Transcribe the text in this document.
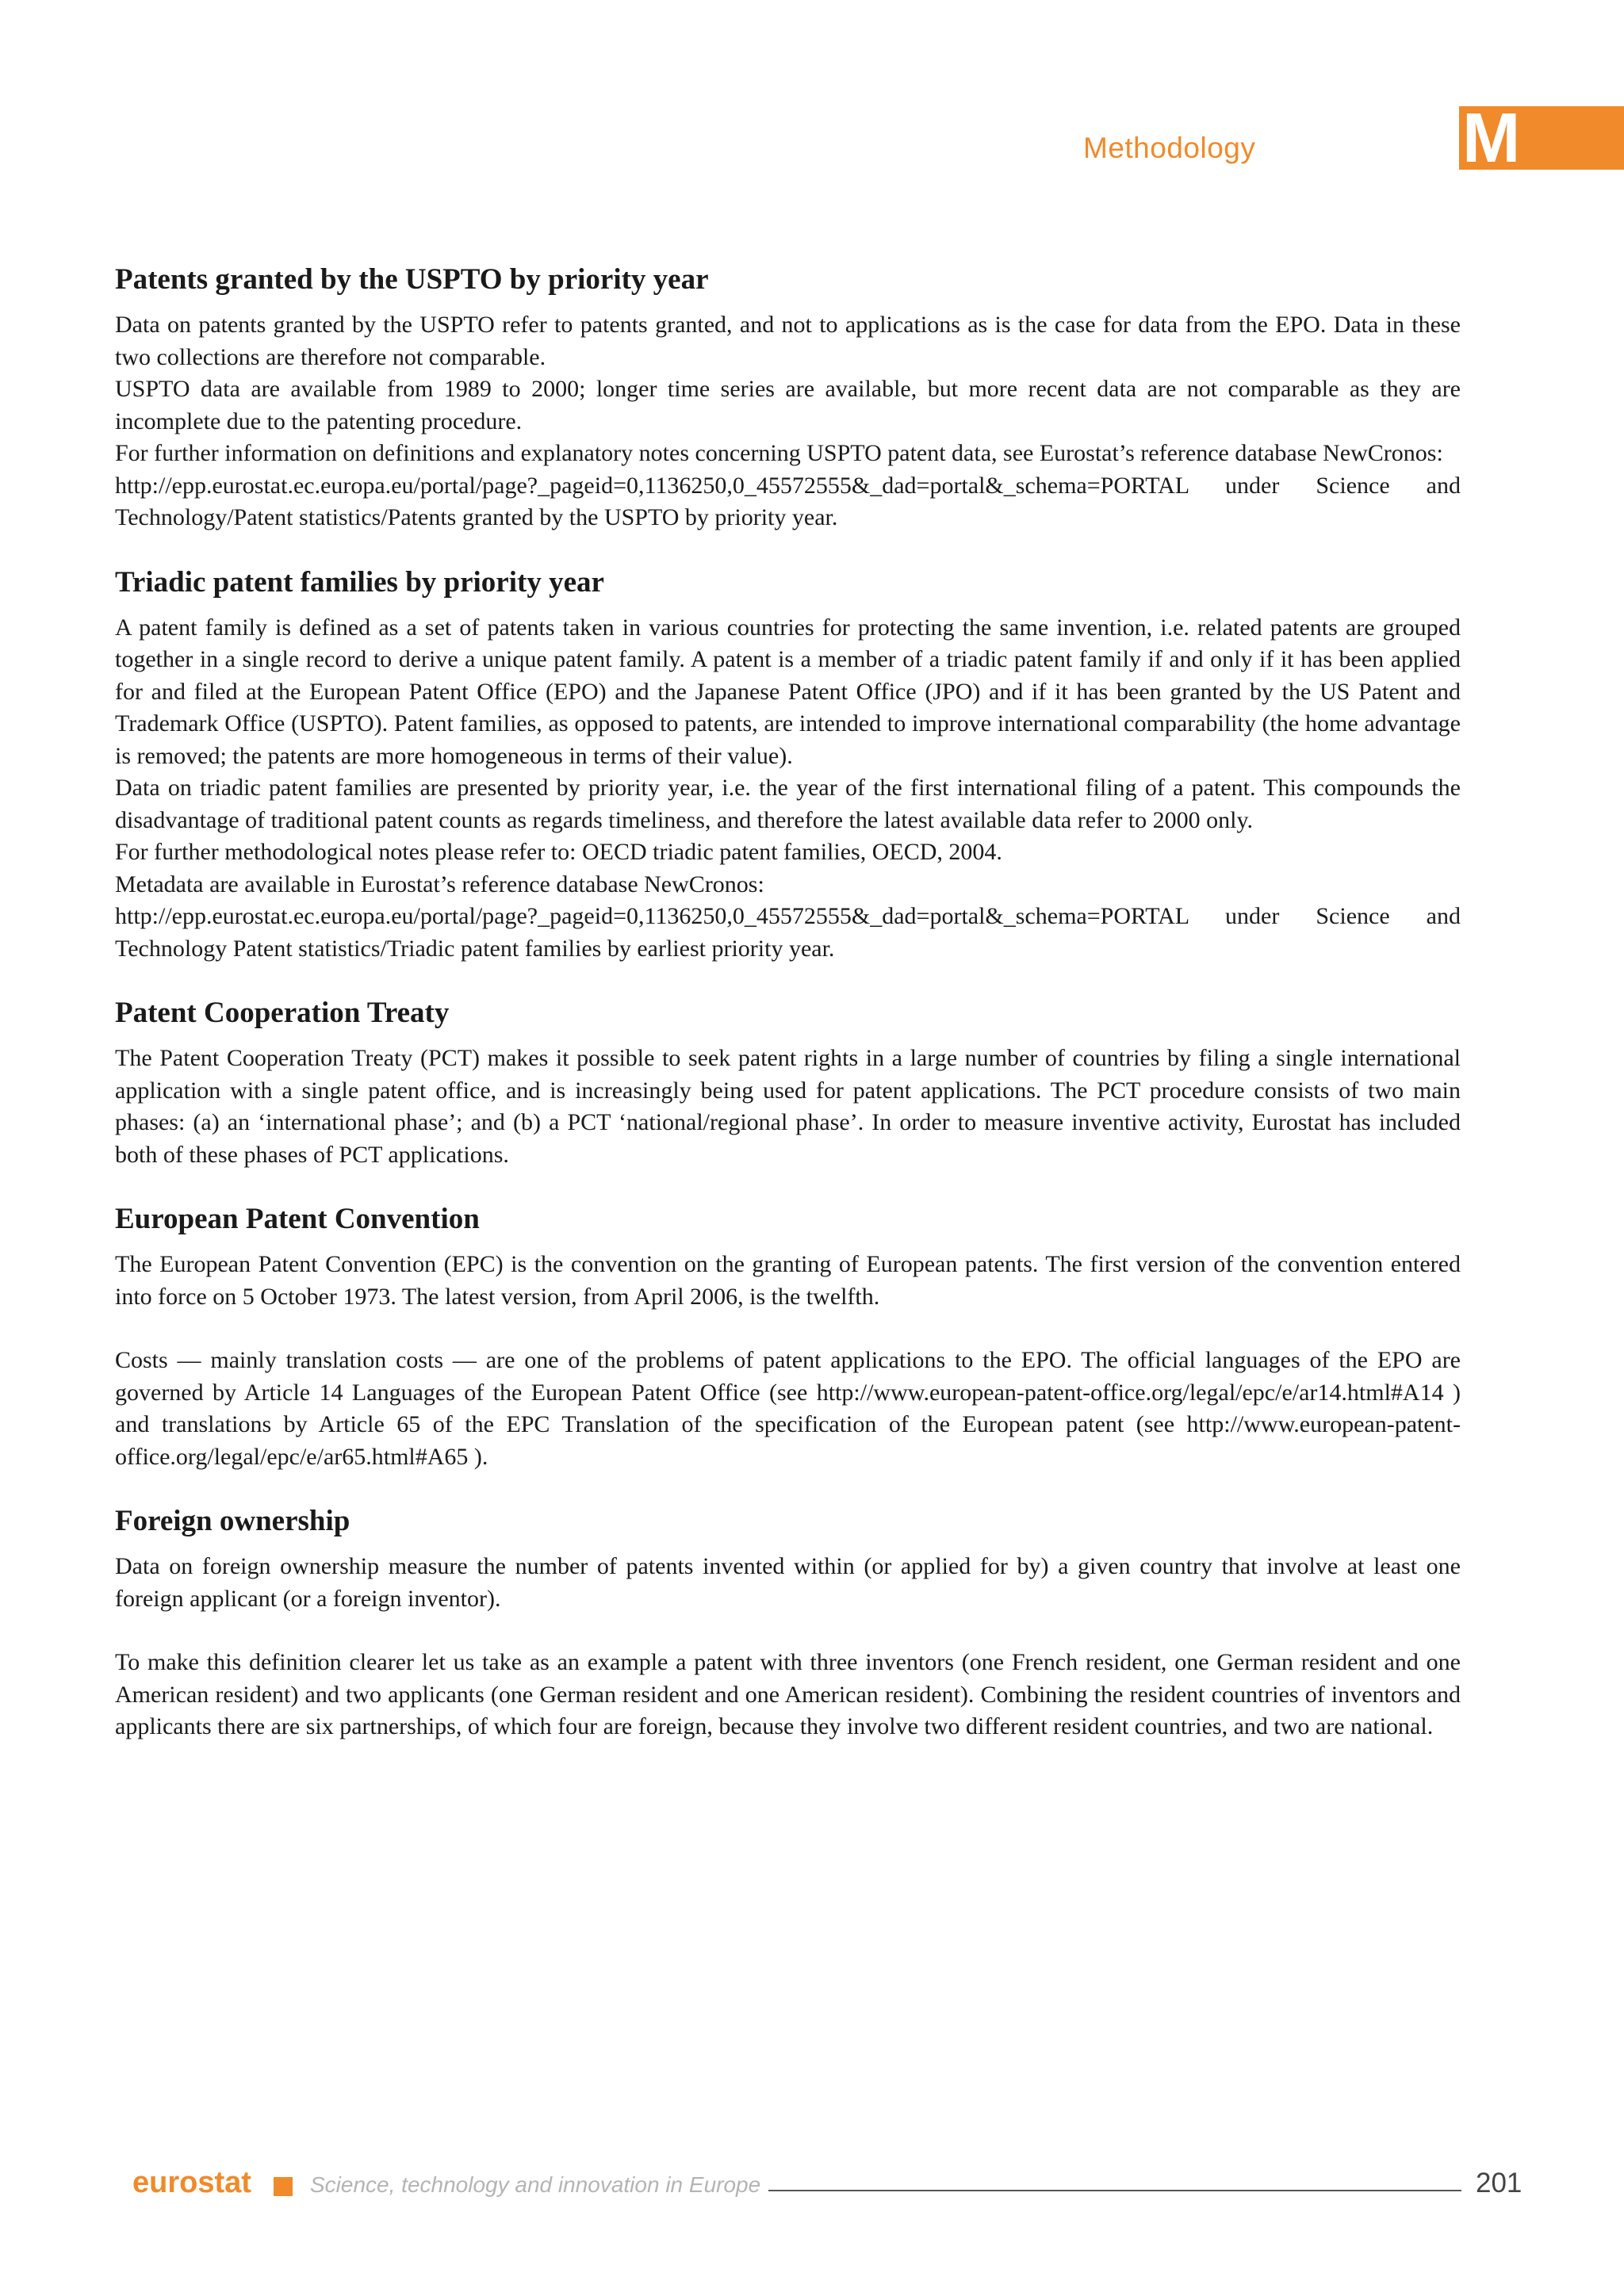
Methodology	M
Patents granted by the USPTO by priority year

Data on patents granted by the USPTO refer to patents granted, and not to applications as is the case for data from the EPO. Data in these two collections are therefore not comparable.

USPTO data are available from 1989 to 2000; longer time series are available, but more recent data are not comparable as they are incomplete due to the patenting procedure.

For further information on definitions and explanatory notes concerning USPTO patent data, see Eurostat’s reference database NewCronos:

http://epp.eurostat.ec.europa.eu/portal/page?_pageid=0,1136250,0_45572555&_dad=portal&_schema=PORTAL under Science and Technology/Patent statistics/Patents granted by the USPTO by priority year.

Triadic patent families by priority year

A patent family is defined as a set of patents taken in various countries for protecting the same invention, i.e. related patents are grouped together in a single record to derive a unique patent family. A patent is a member of a triadic patent family if and only if it has been applied for and filed at the European Patent Office (EPO) and the Japanese Patent Office (JPO) and if it has been granted by the US Patent and Trademark Office (USPTO). Patent families, as opposed to patents, are intended to improve international comparability (the home advantage is removed; the patents are more homogeneous in terms of their value).

Data on triadic patent families are presented by priority year, i.e. the year of the first international filing of a patent. This compounds the disadvantage of traditional patent counts as regards timeliness, and therefore the latest available data refer to 2000 only.

For further methodological notes please refer to: OECD triadic patent families, OECD, 2004.

Metadata are available in Eurostat’s reference database NewCronos:

http://epp.eurostat.ec.europa.eu/portal/page?_pageid=0,1136250,0_45572555&_dad=portal&_schema=PORTAL under Science and Technology Patent statistics/Triadic patent families by earliest priority year.

Patent Cooperation Treaty

The Patent Cooperation Treaty (PCT) makes it possible to seek patent rights in a large number of countries by filing a single international application with a single patent office, and is increasingly being used for patent applications. The PCT procedure consists of two main phases: (a) an ‘international phase’; and (b) a PCT ‘national/regional phase’. In order to measure inventive activity, Eurostat has included both of these phases of PCT applications.

European Patent Convention

The European Patent Convention (EPC) is the convention on the granting of European patents. The first version of the convention entered into force on 5 October 1973. The latest version, from April 2006, is the twelfth.

Costs — mainly translation costs — are one of the problems of patent applications to the EPO. The official languages of the EPO are governed by Article 14 Languages of the European Patent Office (see http://www.european-patent-office.org/legal/epc/e/ar14.html#A14 ) and translations by Article 65 of the EPC Translation of the specification of the European patent (see http://www.european-patent-office.org/legal/epc/e/ar65.html#A65 ).

Foreign ownership

Data on foreign ownership measure the number of patents invented within (or applied for by) a given country that involve at least one foreign applicant (or a foreign inventor).

To make this definition clearer let us take as an example a patent with three inventors (one French resident, one German resident and one American resident) and two applicants (one German resident and one American resident). Combining the resident countries of inventors and applicants there are six partnerships, of which four are foreign, because they involve two different resident countries, and two are national.

eurostat	Science, technology and innovation in Europe	201
